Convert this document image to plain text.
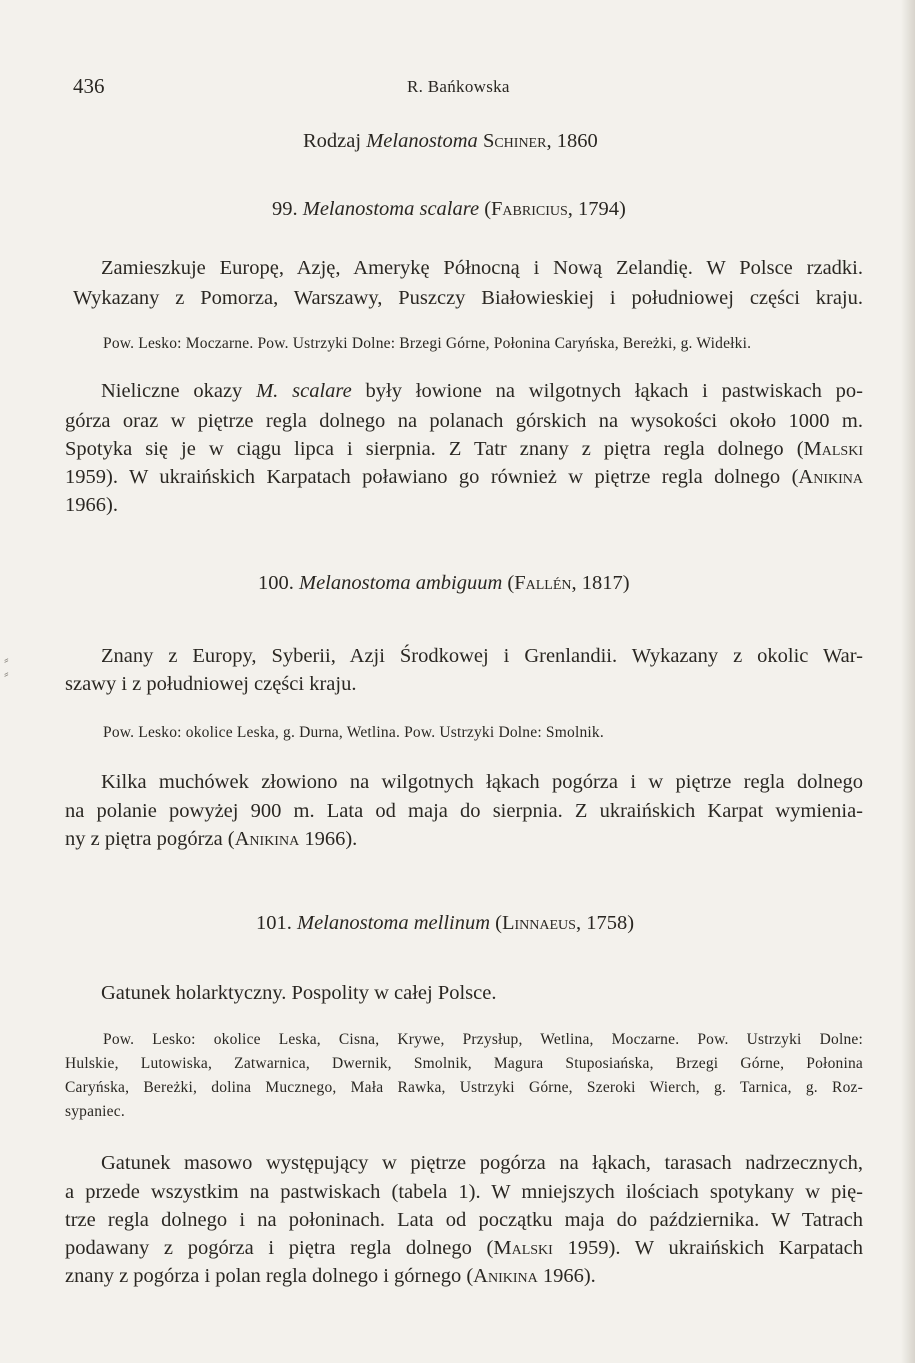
436	R. Bańkowska
Rodzaj Melanostoma Schiner, 1860
99. Melanostoma scalare (Fabricius, 1794)
Zamieszkuje Europę, Azję, Amerykę Północną i Nową Zelandię. W Polsce rzadki.
Wykazany z Pomorza, Warszawy, Puszczy Białowieskiej i południowej części kraju.
Pow. Lesko: Moczarne. Pow. Ustrzyki Dolne: Brzegi Górne, Połonina Caryńska, Bereżki, g. Widełki.
Nieliczne okazy M. scalare były łowione na wilgotnych łąkach i pastwiskach po-
górza oraz w piętrze regla dolnego na polanach górskich na wysokości około 1000 m.
Spotyka się je w ciągu lipca i sierpnia. Z Tatr znany z piętra regla dolnego (Malski
1959). W ukraińskich Karpatach poławiano go również w piętrze regla dolnego (Anikina
1966).
100. Melanostoma ambiguum (Fallén, 1817)
⸗
⸗
Znany z Europy, Syberii, Azji Środkowej i Grenlandii. Wykazany z okolic War-
szawy i z południowej części kraju.
Pow. Lesko: okolice Leska, g. Durna, Wetlina. Pow. Ustrzyki Dolne: Smolnik.
Kilka muchówek złowiono na wilgotnych łąkach pogórza i w piętrze regla dolnego
na polanie powyżej 900 m. Lata od maja do sierpnia. Z ukraińskich Karpat wymienia-
ny z piętra pogórza (Anikina 1966).
101. Melanostoma mellinum (Linnaeus, 1758)
Gatunek holarktyczny. Pospolity w całej Polsce.
Pow. Lesko: okolice Leska, Cisna, Krywe, Przysłup, Wetlina, Moczarne. Pow. Ustrzyki Dolne:
Hulskie, Lutowiska, Zatwarnica, Dwernik, Smolnik, Magura Stuposiańska, Brzegi Górne, Połonina
Caryńska, Bereżki, dolina Mucznego, Mała Rawka, Ustrzyki Górne, Szeroki Wierch, g. Tarnica, g. Roz-
sypaniec.
Gatunek masowo występujący w piętrze pogórza na łąkach, tarasach nadrzecznych,
a przede wszystkim na pastwiskach (tabela 1). W mniejszych ilościach spotykany w pię-
trze regla dolnego i na połoninach. Lata od początku maja do października. W Tatrach
podawany z pogórza i piętra regla dolnego (Malski 1959). W ukraińskich Karpatach
znany z pogórza i polan regla dolnego i górnego (Anikina 1966).
